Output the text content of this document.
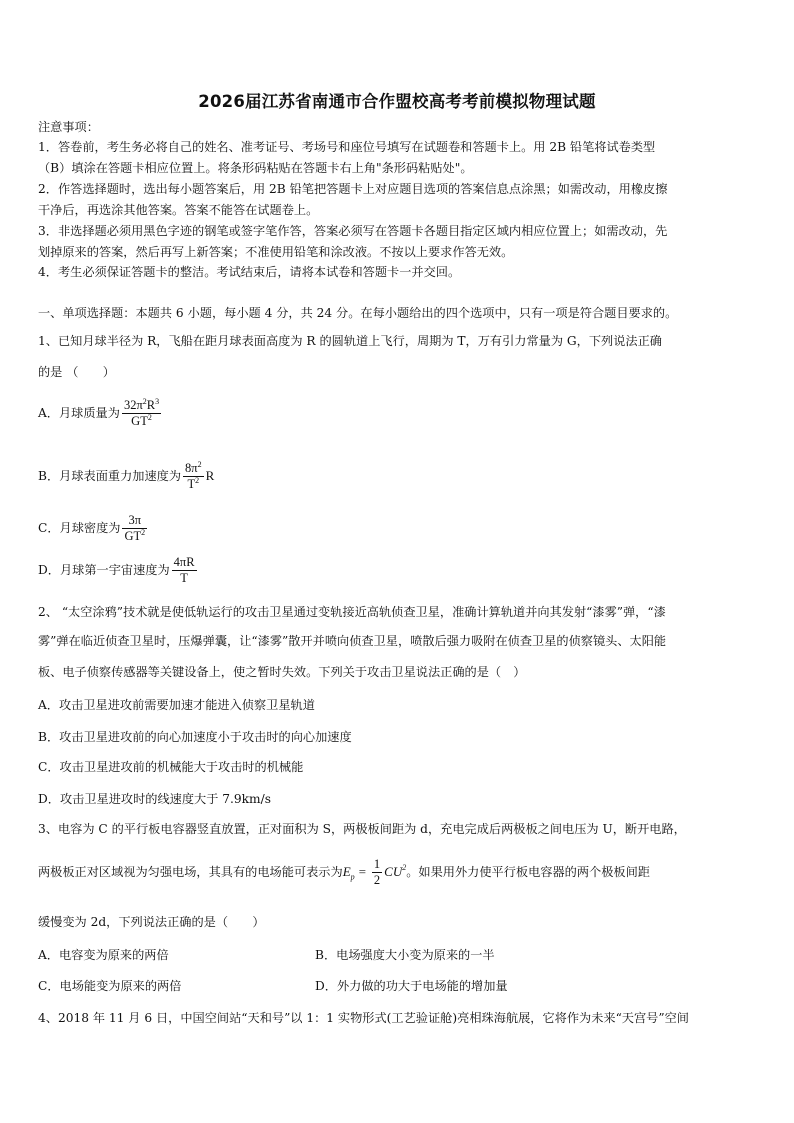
2026届江苏省南通市合作盟校高考考前模拟物理试题
注意事项：
1．答卷前，考生务必将自己的姓名、准考证号、考场号和座位号填写在试题卷和答题卡上。用 2B 铅笔将试卷类型
（B）填涂在答题卡相应位置上。将条形码粘贴在答题卡右上角"条形码粘贴处"。
2．作答选择题时，选出每小题答案后，用 2B 铅笔把答题卡上对应题目选项的答案信息点涂黑；如需改动，用橡皮擦
干净后，再选涂其他答案。答案不能答在试题卷上。
3．非选择题必须用黑色字迹的钢笔或签字笔作答，答案必须写在答题卡各题目指定区域内相应位置上；如需改动，先
划掉原来的答案，然后再写上新答案；不准使用铅笔和涂改液。不按以上要求作答无效。
4．考生必须保证答题卡的整洁。考试结束后，请将本试卷和答题卡一并交回。
一、单项选择题：本题共 6 小题，每小题 4 分，共 24 分。在每小题给出的四个选项中，只有一项是符合题目要求的。
1、已知月球半径为 R，飞船在距月球表面高度为 R 的圆轨道上飞行，周期为 T，万有引力常量为 G，下列说法正确
的是 （　　）
A．月球质量为 $\frac{32\pi^2R^3}{GT^2}$
B．月球表面重力加速度为 $\frac{8\pi^2}{T^2}$ R
C．月球密度为 $\frac{3\pi}{GT^2}$
D．月球第一宇宙速度为 $\frac{4\pi R}{T}$
2、 “太空涂鸦”技术就是使低轨运行的攻击卫星通过变轨接近高轨侦查卫星，准确计算轨道并向其发射“漆雾”弹，“漆
雾”弹在临近侦查卫星时，压爆弹囊，让“漆雾”散开并喷向侦查卫星，喷散后强力吸附在侦查卫星的侦察镜头、太阳能
板、电子侦察传感器等关键设备上，使之暂时失效。下列关于攻击卫星说法正确的是（　）
A．攻击卫星进攻前需要加速才能进入侦察卫星轨道
B．攻击卫星进攻前的向心加速度小于攻击时的向心加速度
C．攻击卫星进攻前的机械能大于攻击时的机械能
D．攻击卫星进攻时的线速度大于 7.9km/s
3、电容为 C 的平行板电容器竖直放置，正对面积为 S，两极板间距为 d，充电完成后两极板之间电压为 U，断开电路，
两极板正对区域视为匀强电场，其具有的电场能可表示为$E_p = \frac{1}{2} CU^2$。如果用外力使平行板电容器的两个极板间距
缓慢变为 2d，下列说法正确的是（　　）
A．电容变为原来的两倍	B．电场强度大小变为原来的一半
C．电场能变为原来的两倍	D．外力做的功大于电场能的增加量
4、2018 年 11 月 6 日，中国空间站“天和号”以 1：1 实物形式(工艺验证舱)亮相珠海航展，它将作为未来“天宫号”空间
